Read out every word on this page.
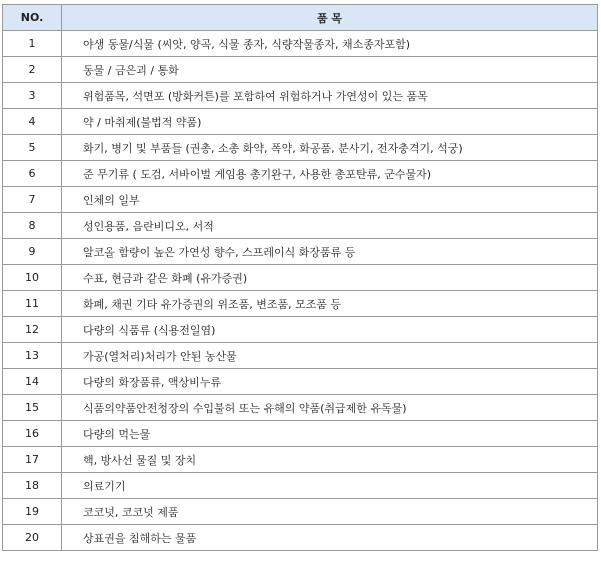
NO.	품 목
1	야생 동물/식물 (씨앗, 양곡, 식물 종자, 식량작물종자, 채소종자포함)
2	동물 / 금은괴 / 통화
3	위험품목, 석면포 (방화커튼)를 포함하여 위험하거나 가연성이 있는 품목
4	약 / 마취제(불법적 약품)
5	화기, 병기 및 부품들 (권총, 소총 화약, 폭약, 화공품, 분사기, 전자충격기, 석궁)
6	준 무기류 ( 도검, 서바이벌 게임용 총기완구, 사용한 총포탄류, 군수물자)
7	인체의 일부
8	성인용품, 음란비디오, 서적
9	알코올 함량이 높은 가연성 향수, 스프레이식 화장품류 등
10	수표, 현금과 같은 화폐 (유가증권)
11	화폐, 채권 기타 유가증권의 위조품, 변조품, 모조품 등
12	다량의 식품류 (식용전일염)
13	가공(열처리)처리가 안된 농산물
14	다량의 화장품류, 액상비누류
15	식품의약품안전청장의 수입불허 또는 유해의 약품(취급제한 유독물)
16	다량의 먹는물
17	핵, 방사선 물질 및 장치
18	의료기기
19	코코넛, 코코넛 제품
20	상표권을 침해하는 물품
